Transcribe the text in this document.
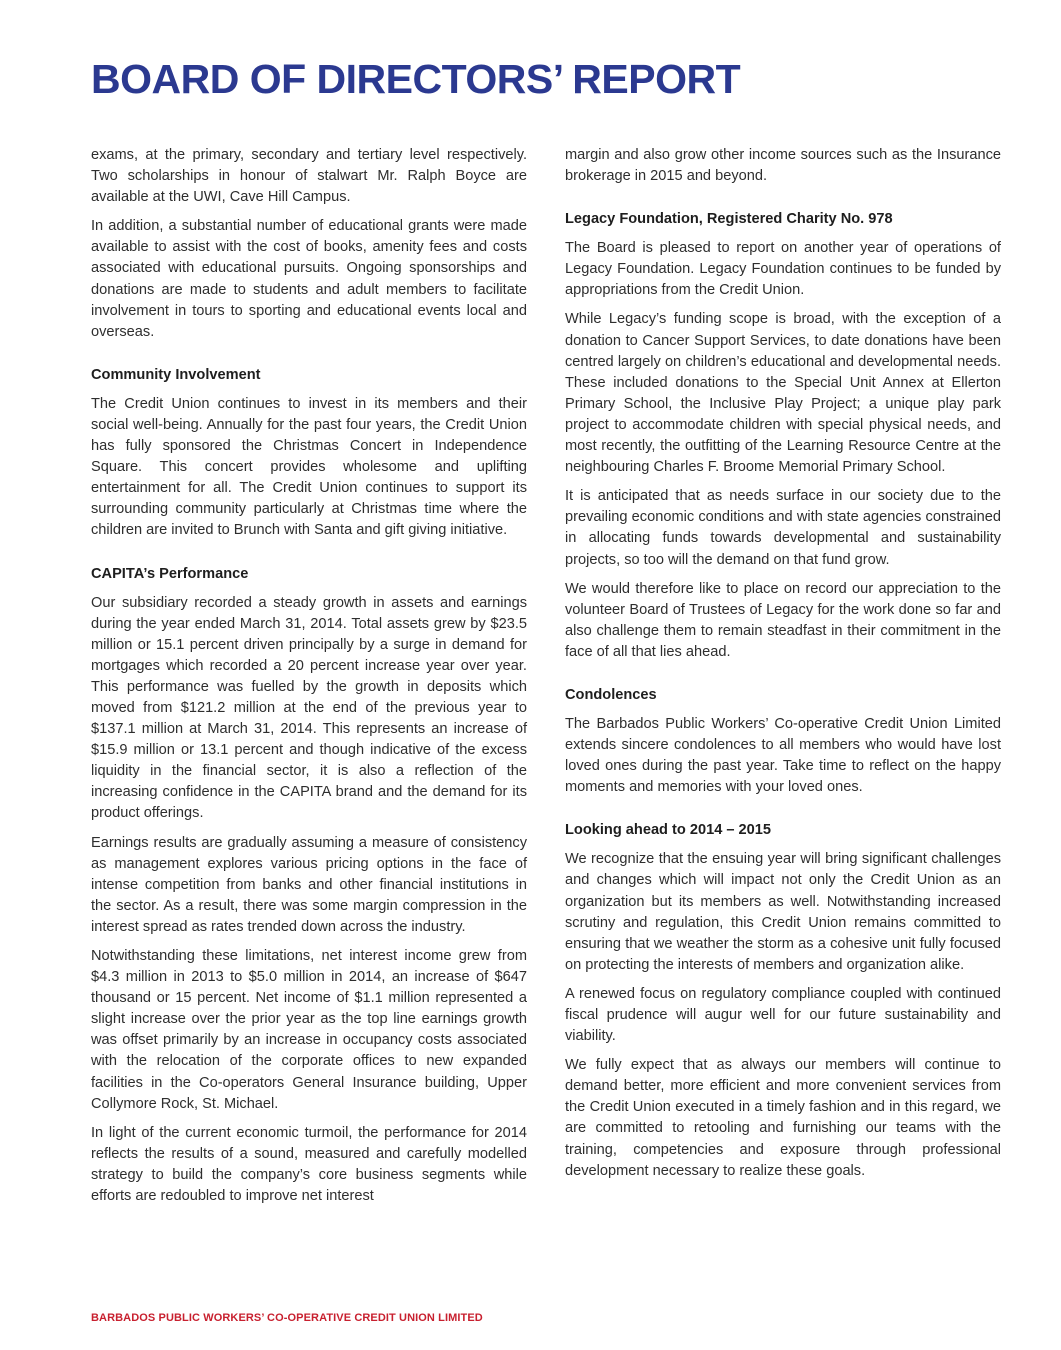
BOARD OF DIRECTORS’ REPORT

exams, at the primary, secondary and tertiary level respectively. Two scholarships in honour of stalwart Mr. Ralph Boyce are available at the UWI, Cave Hill Campus.

In addition, a substantial number of educational grants were made available to assist with the cost of books, amenity fees and costs associated with educational pursuits. Ongoing sponsorships and donations are made to students and adult members to facilitate involvement in tours to sporting and educational events local and overseas.

Community Involvement

The Credit Union continues to invest in its members and their social well-being. Annually for the past four years, the Credit Union has fully sponsored the Christmas Concert in Independence Square. This concert provides wholesome and uplifting entertainment for all. The Credit Union continues to support its surrounding community particularly at Christmas time where the children are invited to Brunch with Santa and gift giving initiative.

CAPITA’s Performance

Our subsidiary recorded a steady growth in assets and earnings during the year ended March 31, 2014. Total assets grew by $23.5 million or 15.1 percent driven principally by a surge in demand for mortgages which recorded a 20 percent increase year over year. This performance was fuelled by the growth in deposits which moved from $121.2 million at the end of the previous year to $137.1 million at March 31, 2014. This represents an increase of $15.9 million or 13.1 percent and though indicative of the excess liquidity in the financial sector, it is also a reflection of the increasing confidence in the CAPITA brand and the demand for its product offerings.

Earnings results are gradually assuming a measure of consistency as management explores various pricing options in the face of intense competition from banks and other financial institutions in the sector. As a result, there was some margin compression in the interest spread as rates trended down across the industry.

Notwithstanding these limitations, net interest income grew from $4.3 million in 2013 to $5.0 million in 2014, an increase of $647 thousand or 15 percent. Net income of $1.1 million represented a slight increase over the prior year as the top line earnings growth was offset primarily by an increase in occupancy costs associated with the relocation of the corporate offices to new expanded facilities in the Co-operators General Insurance building, Upper Collymore Rock, St. Michael.

In light of the current economic turmoil, the performance for 2014 reflects the results of a sound, measured and carefully modelled strategy to build the company’s core business segments while efforts are redoubled to improve net interest

margin and also grow other income sources such as the Insurance brokerage in 2015 and beyond.

Legacy Foundation, Registered Charity No. 978

The Board is pleased to report on another year of operations of Legacy Foundation. Legacy Foundation continues to be funded by appropriations from the Credit Union.

While Legacy’s funding scope is broad, with the exception of a donation to Cancer Support Services, to date donations have been centred largely on children’s educational and developmental needs. These included donations to the Special Unit Annex at Ellerton Primary School, the Inclusive Play Project; a unique play park project to accommodate children with special physical needs, and most recently, the outfitting of the Learning Resource Centre at the neighbouring Charles F. Broome Memorial Primary School.

It is anticipated that as needs surface in our society due to the prevailing economic conditions and with state agencies constrained in allocating funds towards developmental and sustainability projects, so too will the demand on that fund grow.

We would therefore like to place on record our appreciation to the volunteer Board of Trustees of Legacy for the work done so far and also challenge them to remain steadfast in their commitment in the face of all that lies ahead.

Condolences

The Barbados Public Workers’ Co-operative Credit Union Limited extends sincere condolences to all members who would have lost loved ones during the past year. Take time to reflect on the happy moments and memories with your loved ones.

Looking ahead to 2014 – 2015

We recognize that the ensuing year will bring significant challenges and changes which will impact not only the Credit Union as an organization but its members as well. Notwithstanding increased scrutiny and regulation, this Credit Union remains committed to ensuring that we weather the storm as a cohesive unit fully focused on protecting the interests of members and organization alike.

A renewed focus on regulatory compliance coupled with continued fiscal prudence will augur well for our future sustainability and viability.

We fully expect that as always our members will continue to demand better, more efficient and more convenient services from the Credit Union executed in a timely fashion and in this regard, we are committed to retooling and furnishing our teams with the training, competencies and exposure through professional development necessary to realize these goals.

BARBADOS PUBLIC WORKERS’ CO-OPERATIVE CREDIT UNION LIMITED
